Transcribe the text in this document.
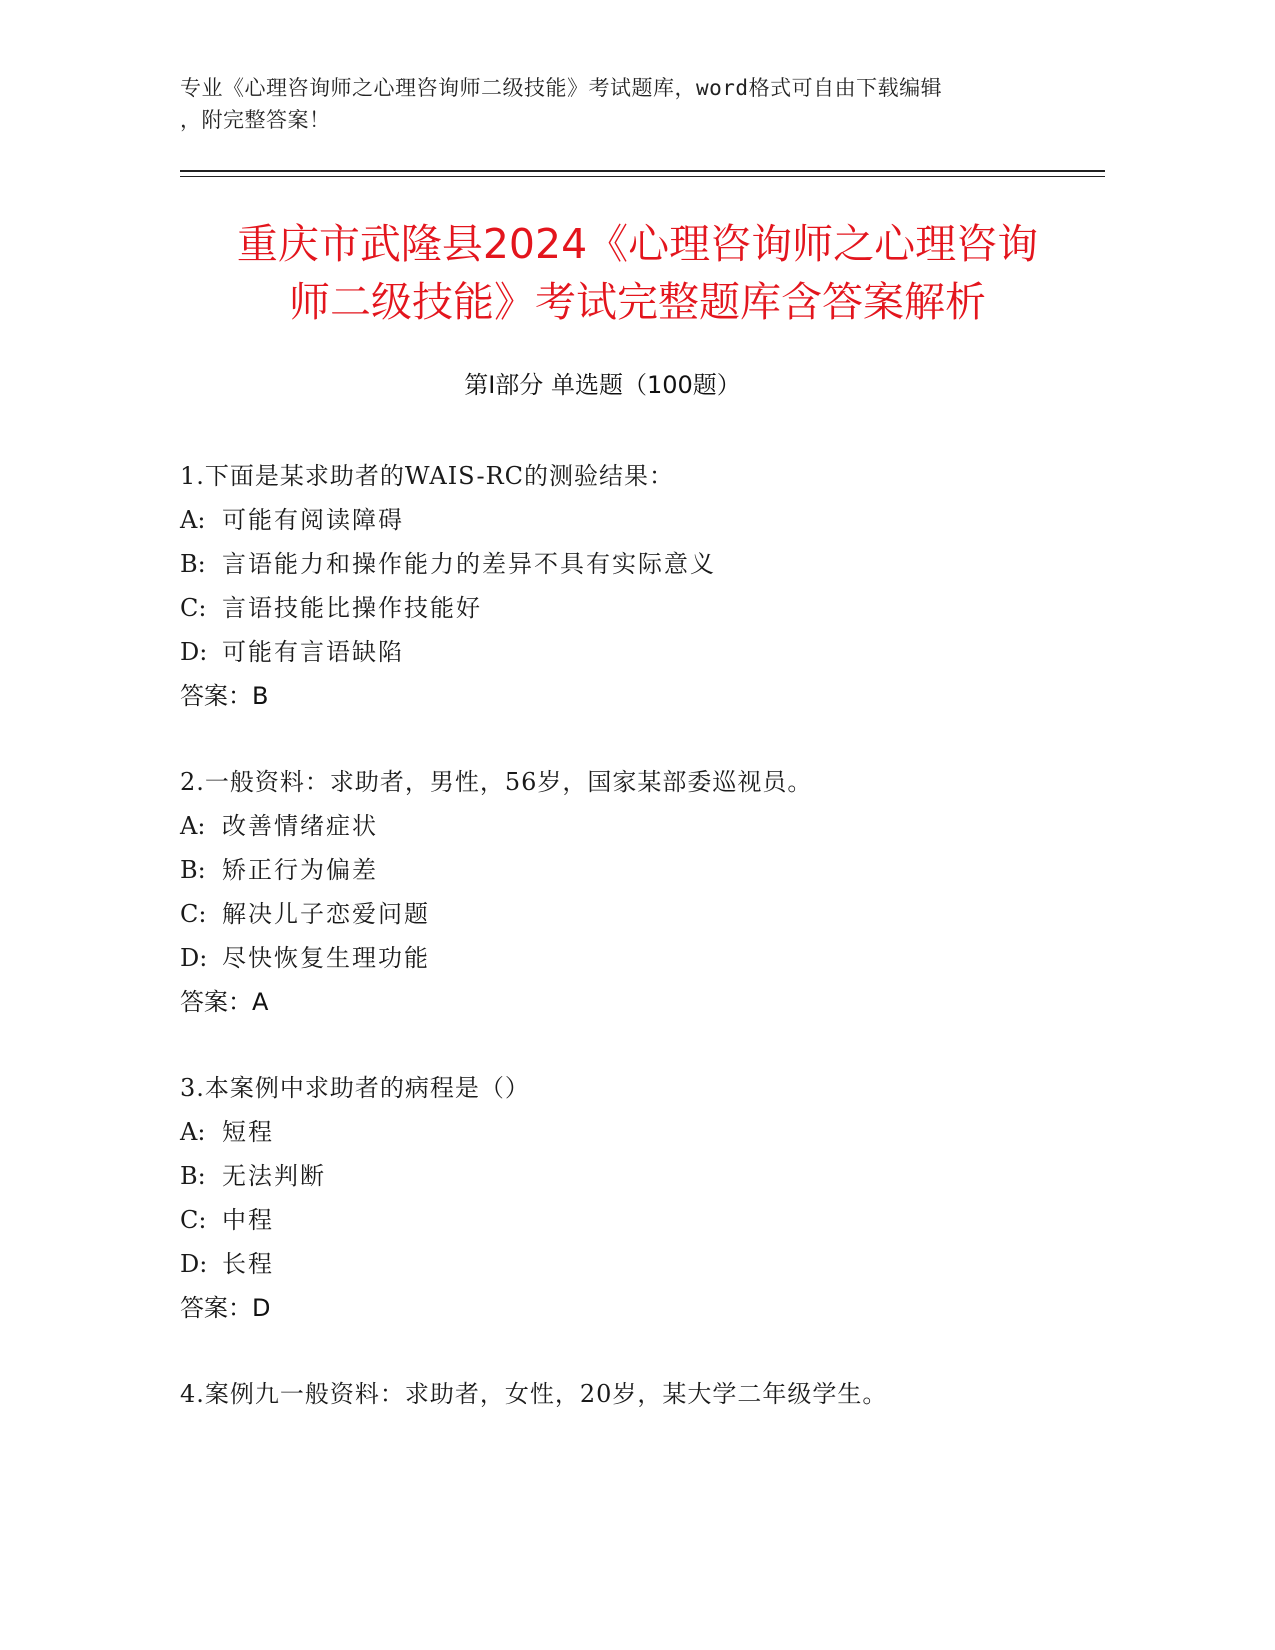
专业《心理咨询师之心理咨询师二级技能》考试题库，word格式可自由下载编辑
，附完整答案！
重庆市武隆县2024《心理咨询师之心理咨询
师二级技能》考试完整题库含答案解析
第Ⅰ部分 单选题（100题）
1.下面是某求助者的WAIS-RC的测验结果：
A: 可能有阅读障碍
B: 言语能力和操作能力的差异不具有实际意义
C: 言语技能比操作技能好
D: 可能有言语缺陷
答案：B
2.一般资料：求助者，男性，56岁，国家某部委巡视员。
A: 改善情绪症状
B: 矫正行为偏差
C: 解决儿子恋爱问题
D: 尽快恢复生理功能
答案：A
3.本案例中求助者的病程是（）
A: 短程
B: 无法判断
C: 中程
D: 长程
答案：D
4.案例九一般资料：求助者，女性，20岁，某大学二年级学生。
